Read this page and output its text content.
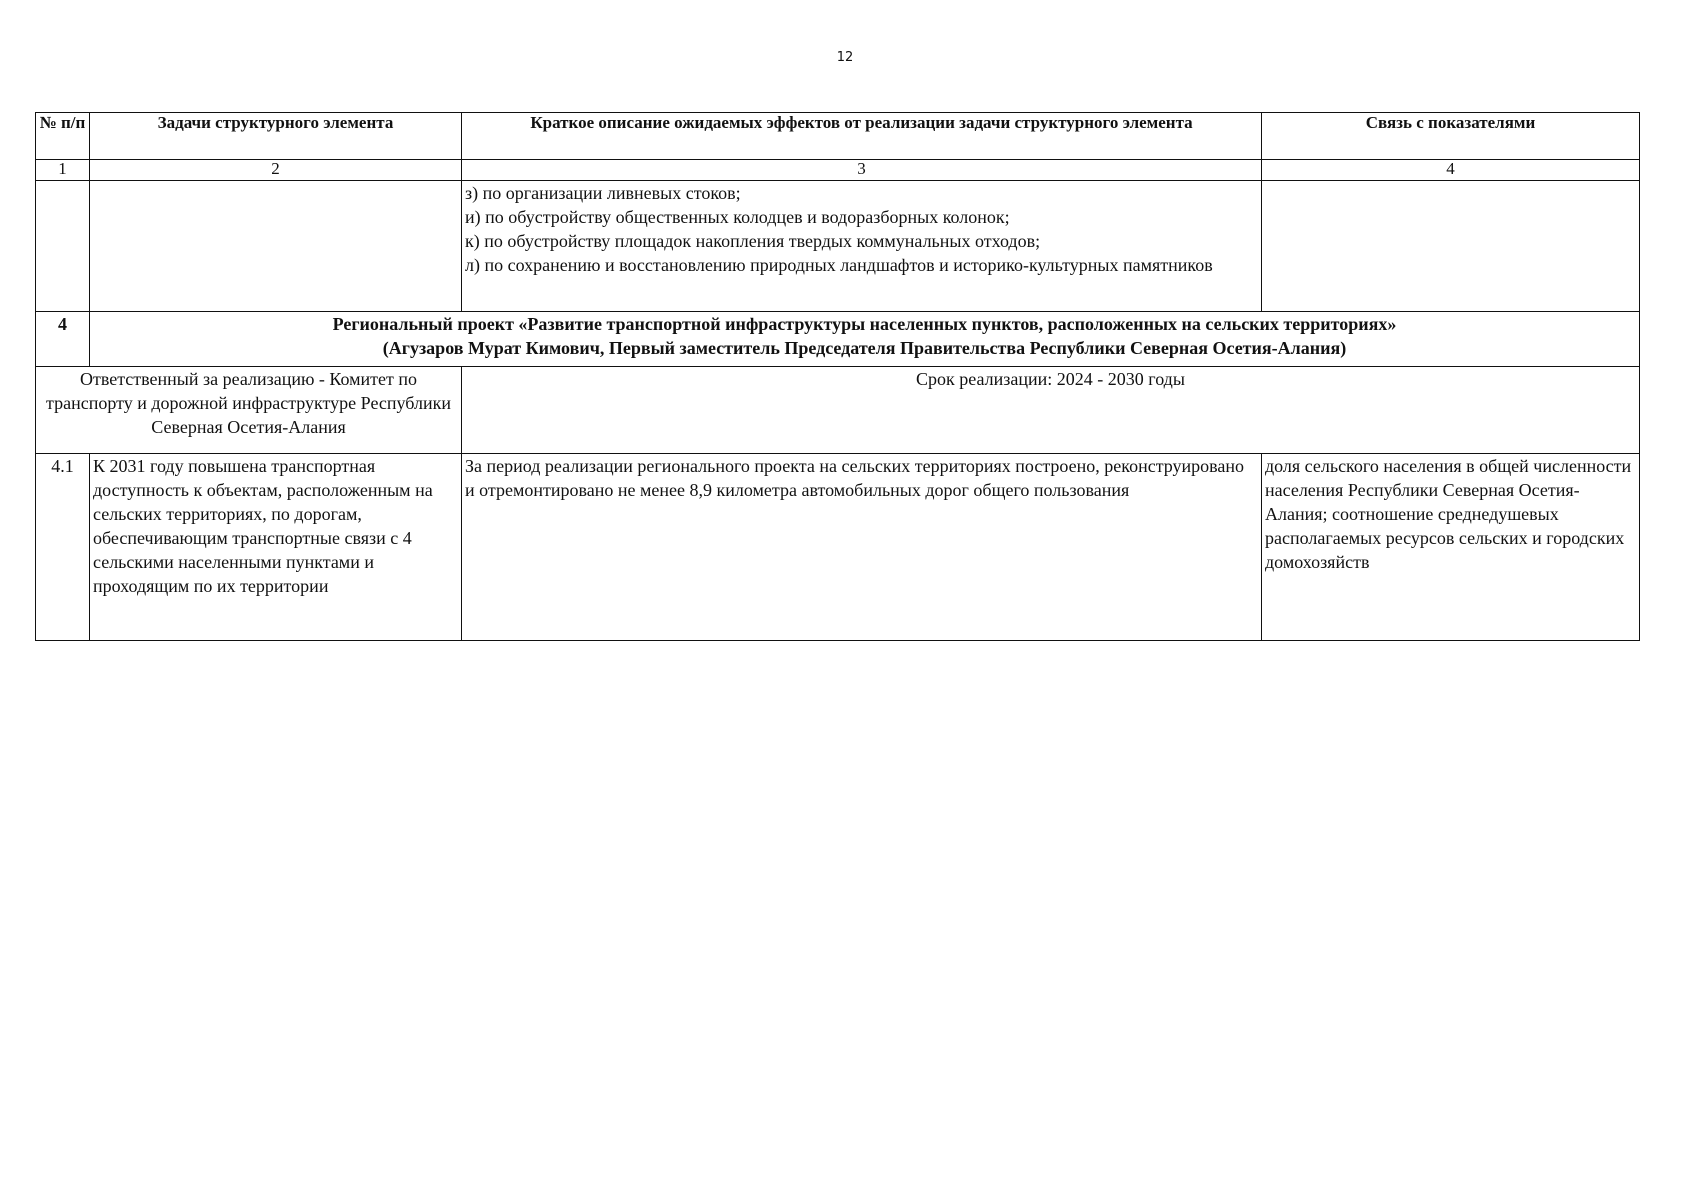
12
№ п/п	Задачи структурного элемента	Краткое описание ожидаемых эффектов от реализации задачи структурного элемента	Связь с показателями
1	2	3	4

		з) по организации ливневых стоков;
и) по обустройству общественных колодцев и водоразборных колонок;
к) по обустройству площадок накопления твердых коммунальных отходов;
л) по сохранению и восстановлению природных ландшафтов и историко-культурных памятников	

4	Региональный проект «Развитие транспортной инфраструктуры населенных пунктов, расположенных на сельских территориях»
(Агузаров Мурат Кимович, Первый заместитель Председателя Правительства Республики Северная Осетия-Алания)		

Ответственный за реализацию - Комитет по транспорту и дорожной инфраструктуре Республики Северная Осетия-Алания		Срок реализации: 2024 - 2030 годы	
4.1	К 2031 году повышена транспортная доступность к объектам, расположенным на сельских территориях, по дорогам, обеспечивающим транспортные связи с 4 сельскими населенными пунктами и проходящим по их территории	За период реализации регионального проекта на сельских территориях построено, реконструировано и отремонтировано не менее 8,9 километра автомобильных дорог общего пользования	доля сельского населения в общей численности населения Республики Северная Осетия-Алания; соотношение среднедушевых располагаемых ресурсов сельских и городских домохозяйств
